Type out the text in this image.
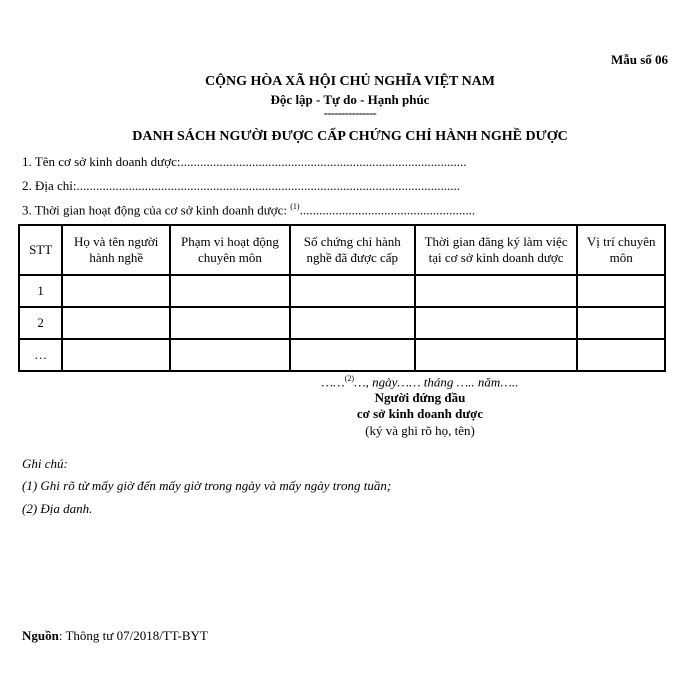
Mẫu số 06
CỘNG HÒA XÃ HỘI CHỦ NGHĨA VIỆT NAM
Độc lập - Tự do - Hạnh phúc
---------------
DANH SÁCH NGƯỜI ĐƯỢC CẤP CHỨNG CHỈ HÀNH NGHỀ DƯỢC
1. Tên cơ sở kinh doanh dược:........................................................................................
2. Địa chỉ:......................................................................................................................
3. Thời gian hoạt động của cơ sở kinh doanh dược: $^{(1)}$......................................................
STT	Họ và tên người hành nghề	Phạm vi hoạt động chuyên môn	Số chứng chỉ hành nghề đã được cấp	Thời gian đăng ký làm việc tại cơ sở kinh doanh dược	Vị trí chuyên môn
1					
2					
…					
……$^{(2)}$…, ngày…… tháng ….. năm…..
Người đứng đầu
cơ sở kinh doanh dược
(ký và ghi rõ họ, tên)
Ghi chú:
(1) Ghi rõ từ mấy giờ đến mấy giờ trong ngày và mấy ngày trong tuần;
(2) Địa danh.
Nguồn: Thông tư 07/2018/TT-BYT
